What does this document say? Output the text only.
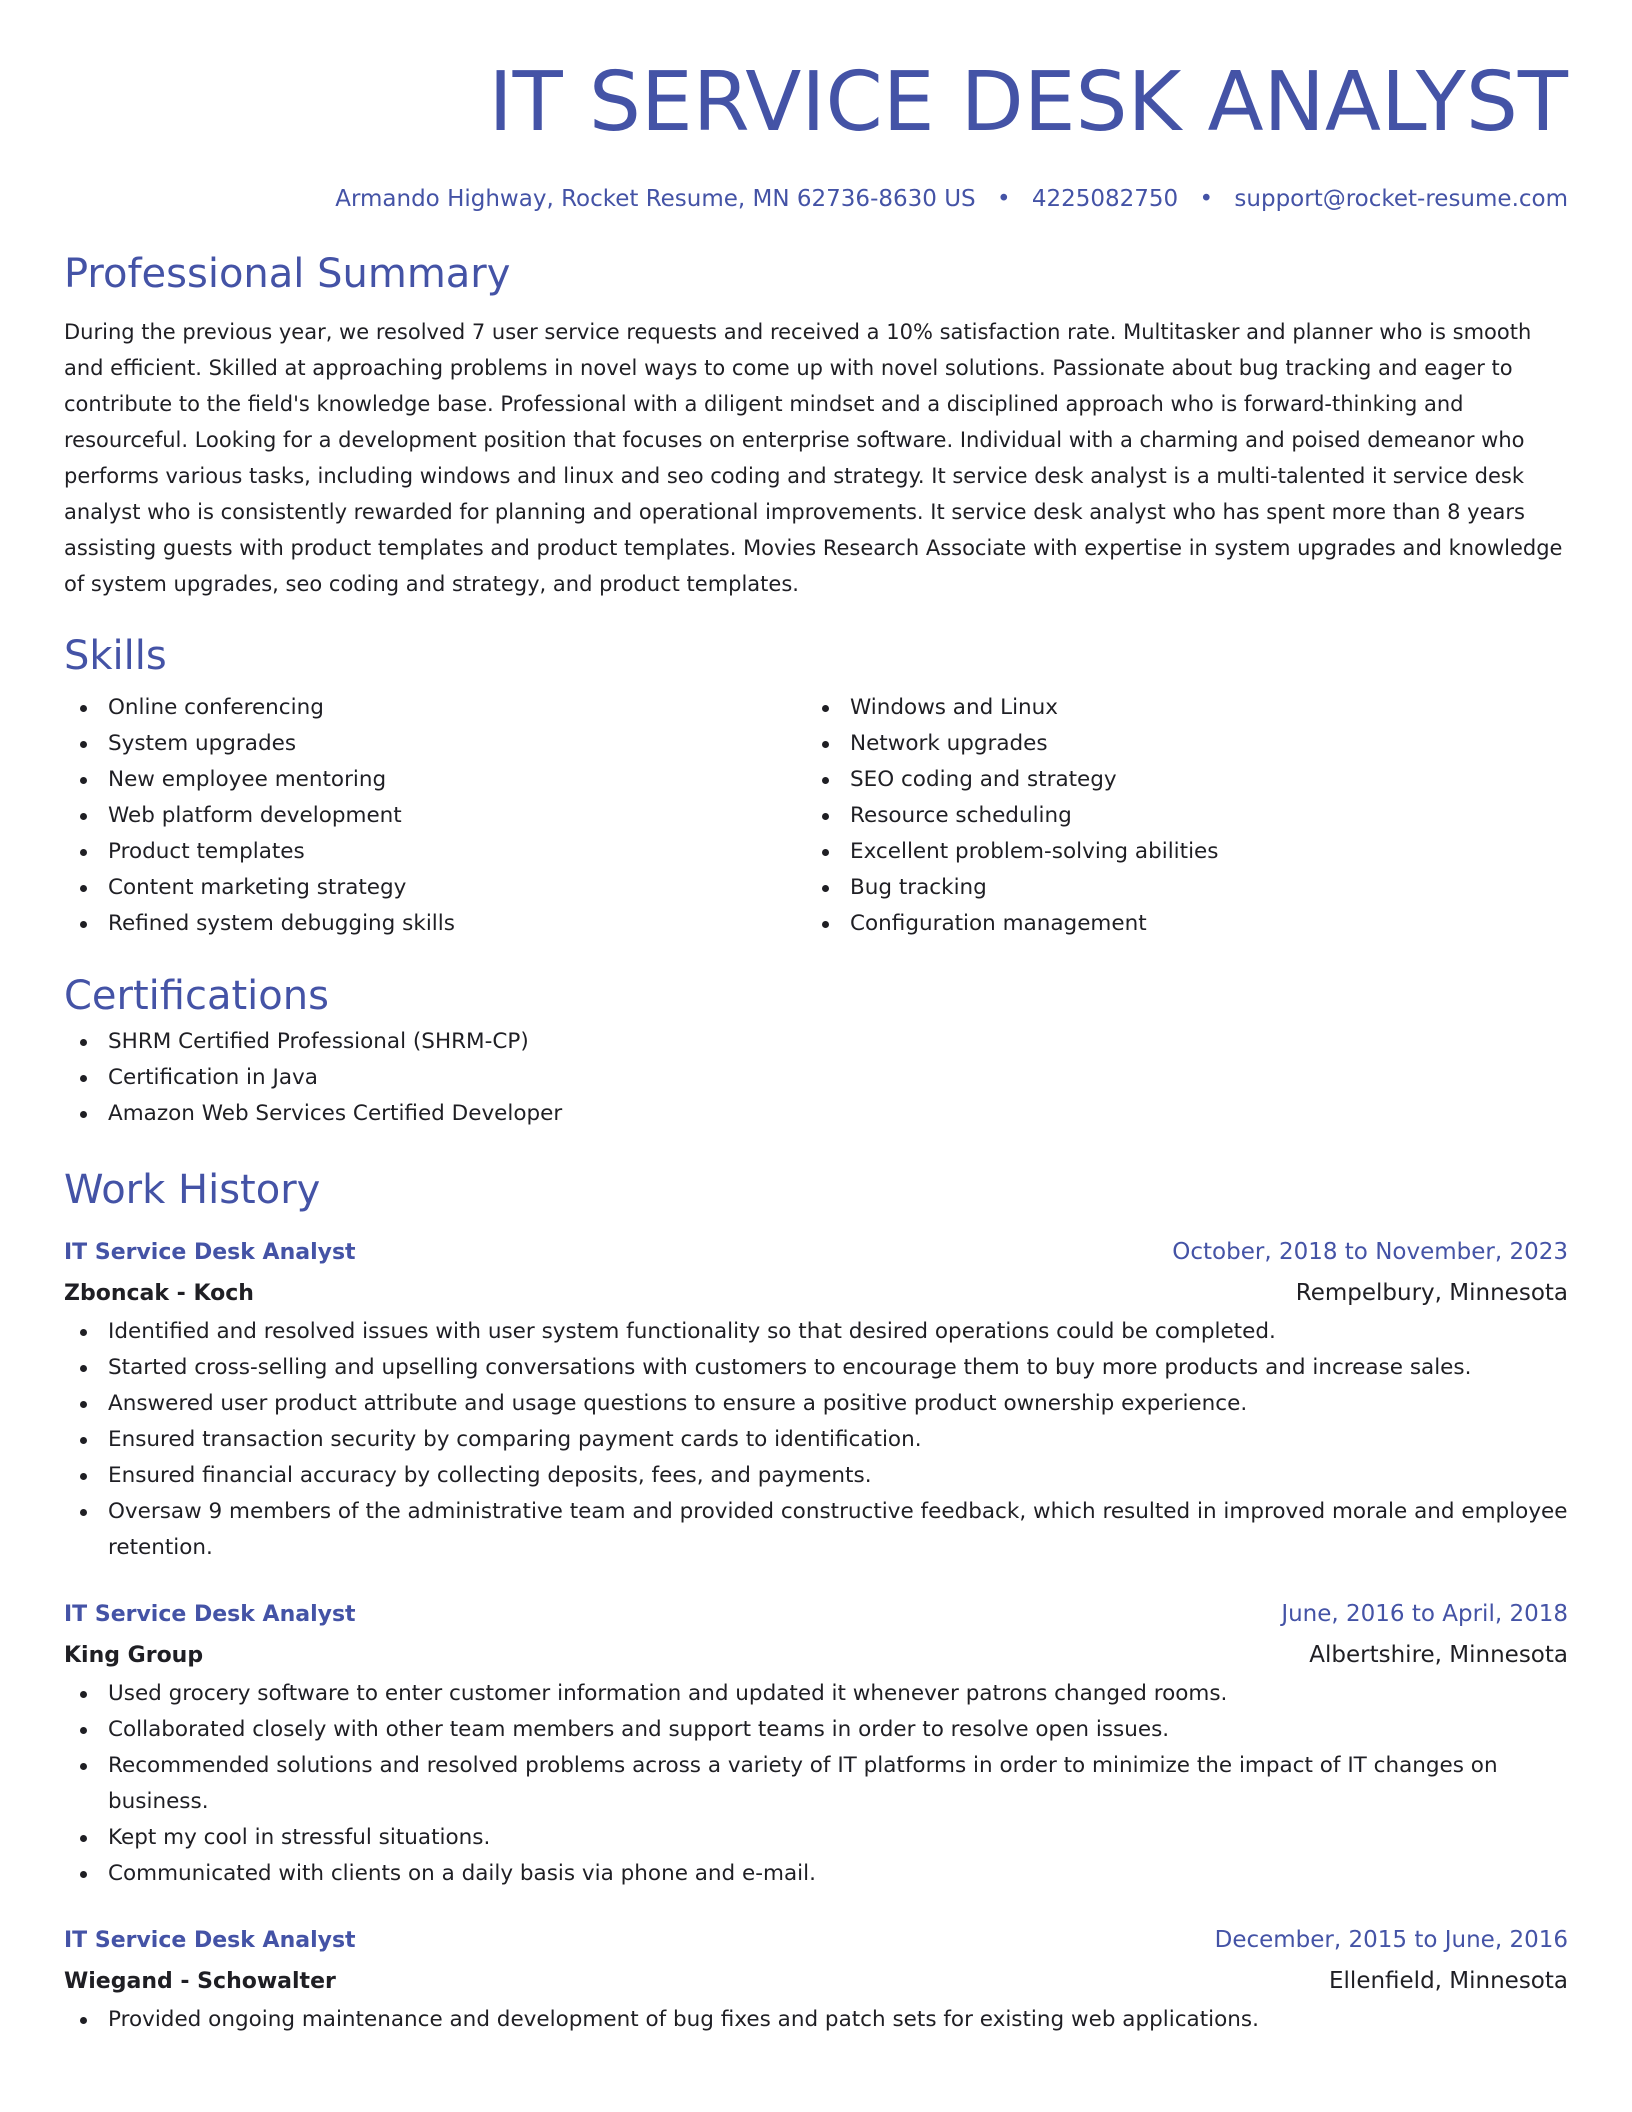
IT SERVICE DESK ANALYST
Armando Highway, Rocket Resume, MN 62736-8630 US • 4225082750 • support@rocket-resume.com
Professional Summary
During the previous year, we resolved 7 user service requests and received a 10% satisfaction rate. Multitasker and planner who is smooth and efficient. Skilled at approaching problems in novel ways to come up with novel solutions. Passionate about bug tracking and eager to contribute to the field's knowledge base. Professional with a diligent mindset and a disciplined approach who is forward-thinking and resourceful. Looking for a development position that focuses on enterprise software. Individual with a charming and poised demeanor who performs various tasks, including windows and linux and seo coding and strategy. It service desk analyst is a multi-talented it service desk analyst who is consistently rewarded for planning and operational improvements. It service desk analyst who has spent more than 8 years assisting guests with product templates and product templates. Movies Research Associate with expertise in system upgrades and knowledge of system upgrades, seo coding and strategy, and product templates.
Skills
Online conferencing
System upgrades
New employee mentoring
Web platform development
Product templates
Content marketing strategy
Refined system debugging skills
Windows and Linux
Network upgrades
SEO coding and strategy
Resource scheduling
Excellent problem-solving abilities
Bug tracking
Configuration management
Certifications
SHRM Certified Professional (SHRM-CP)
Certification in Java
Amazon Web Services Certified Developer
Work History
IT Service Desk Analyst	October, 2018 to November, 2023
Zboncak - Koch	Rempelbury, Minnesota
Identified and resolved issues with user system functionality so that desired operations could be completed.
Started cross-selling and upselling conversations with customers to encourage them to buy more products and increase sales.
Answered user product attribute and usage questions to ensure a positive product ownership experience.
Ensured transaction security by comparing payment cards to identification.
Ensured financial accuracy by collecting deposits, fees, and payments.
Oversaw 9 members of the administrative team and provided constructive feedback, which resulted in improved morale and employee retention.
IT Service Desk Analyst	June, 2016 to April, 2018
King Group	Albertshire, Minnesota
Used grocery software to enter customer information and updated it whenever patrons changed rooms.
Collaborated closely with other team members and support teams in order to resolve open issues.
Recommended solutions and resolved problems across a variety of IT platforms in order to minimize the impact of IT changes on business.
Kept my cool in stressful situations.
Communicated with clients on a daily basis via phone and e-mail.
IT Service Desk Analyst	December, 2015 to June, 2016
Wiegand - Schowalter	Ellenfield, Minnesota
Provided ongoing maintenance and development of bug fixes and patch sets for existing web applications.
